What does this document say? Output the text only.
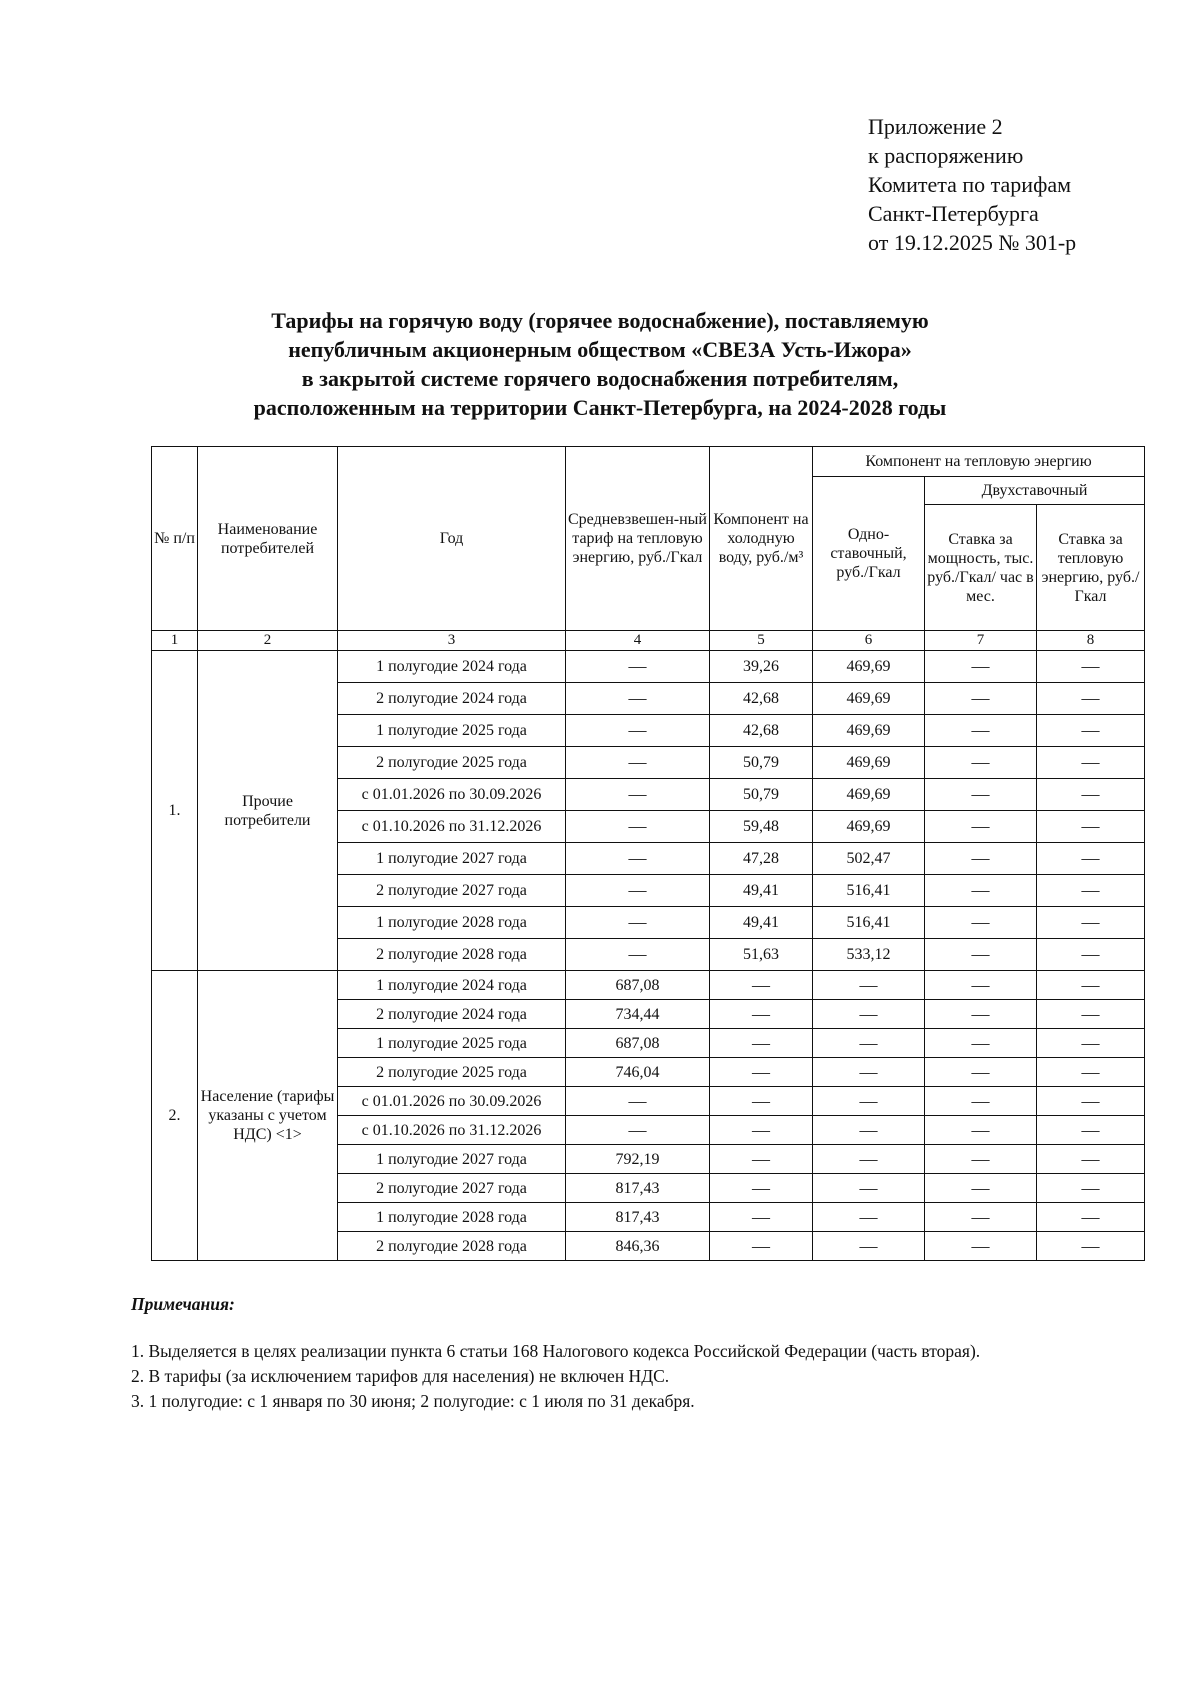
Приложение 2
к распоряжению
Комитета по тарифам
Санкт-Петербурга
от 19.12.2025 № 301-р
Тарифы на горячую воду (горячее водоснабжение), поставляемую
непубличным акционерным обществом «СВЕЗА Усть-Ижора»
в закрытой системе горячего водоснабжения потребителям,
расположенным на территории Санкт-Петербурга, на 2024-2028 годы
№ п/п	Наименование потребителей	Год	Средневзвешен-ный тариф на тепловую энергию, руб./Гкал	Компонент на холодную воду, руб./м³	Компонент на тепловую энергию		
					Одно-ставочный, руб./Гкал	Двухставочный	
						Ставка за мощность, тыс. руб./Гкал/ час в мес.	Ставка за тепловую энергию, руб./Гкал
1	2	3	4	5	6	7	8
1.	Прочие потребители	1 полугодие 2024 года	—	39,26	469,69	—	—
		2 полугодие 2024 года	—	42,68	469,69	—	—
		1 полугодие 2025 года	—	42,68	469,69	—	—
		2 полугодие 2025 года	—	50,79	469,69	—	—
		с 01.01.2026 по 30.09.2026	—	50,79	469,69	—	—
		с 01.10.2026 по 31.12.2026	—	59,48	469,69	—	—
		1 полугодие 2027 года	—	47,28	502,47	—	—
		2 полугодие 2027 года	—	49,41	516,41	—	—
		1 полугодие 2028 года	—	49,41	516,41	—	—
		2 полугодие 2028 года	—	51,63	533,12	—	—
2.	Население (тарифы указаны с учетом НДС) <1>	1 полугодие 2024 года	687,08	—	—	—	—
		2 полугодие 2024 года	734,44	—	—	—	—
		1 полугодие 2025 года	687,08	—	—	—	—
		2 полугодие 2025 года	746,04	—	—	—	—
		с 01.01.2026 по 30.09.2026	—	—	—	—	—
		с 01.10.2026 по 31.12.2026	—	—	—	—	—
		1 полугодие 2027 года	792,19	—	—	—	—
		2 полугодие 2027 года	817,43	—	—	—	—
		1 полугодие 2028 года	817,43	—	—	—	—
		2 полугодие 2028 года	846,36	—	—	—	—
Примечания:
1. Выделяется в целях реализации пункта 6 статьи 168 Налогового кодекса Российской Федерации (часть вторая).
2. В тарифы (за исключением тарифов для населения) не включен НДС.
3. 1 полугодие: с 1 января по 30 июня; 2 полугодие: с 1 июля по 31 декабря.
